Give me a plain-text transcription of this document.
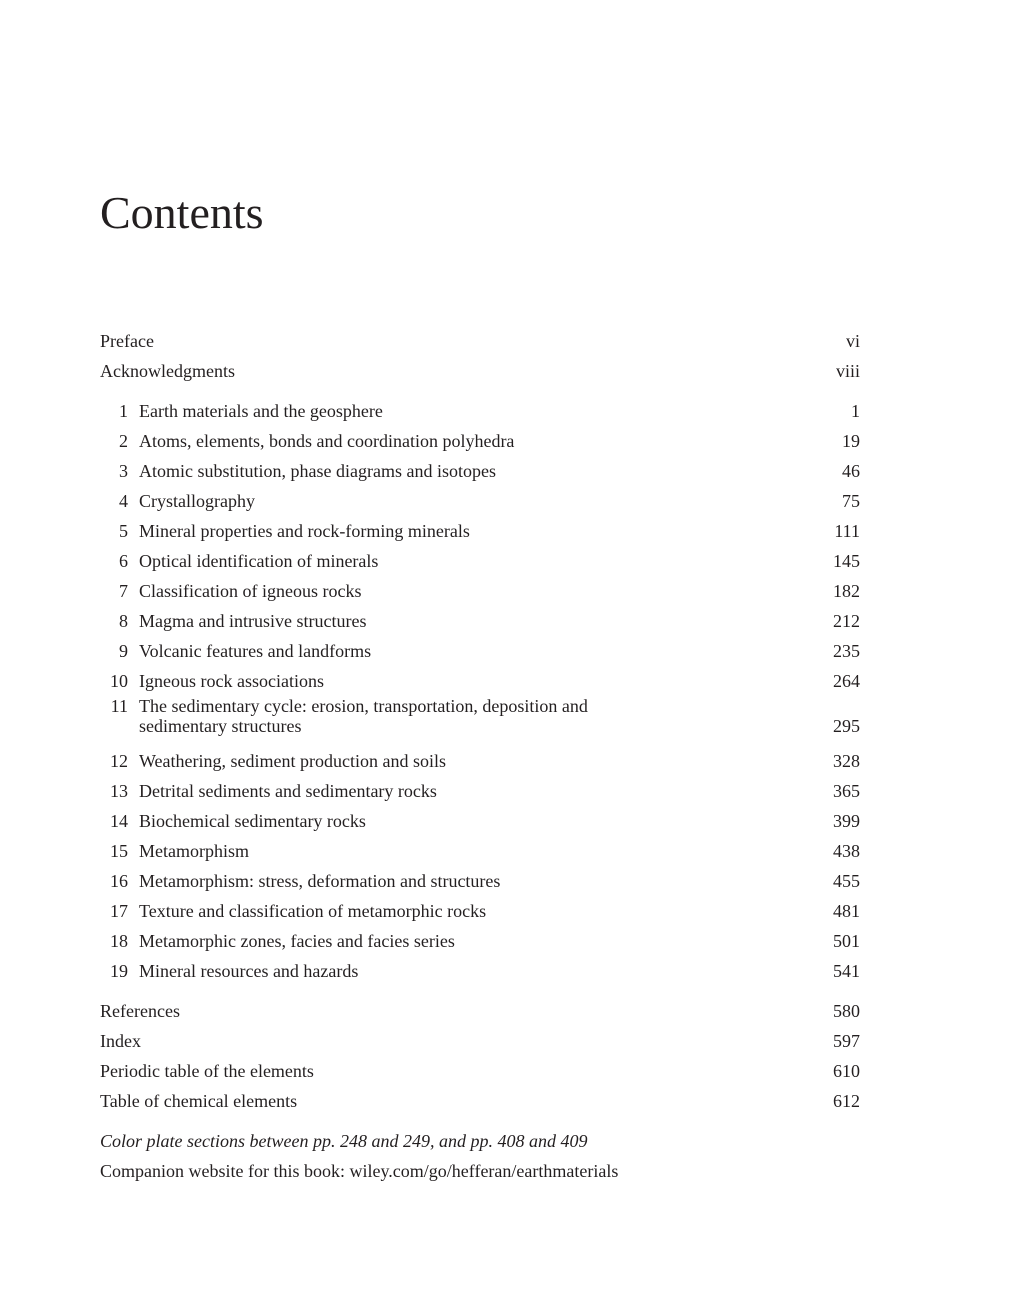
Contents
Preface	vi
Acknowledgments	viii
1 Earth materials and the geosphere	1
2 Atoms, elements, bonds and coordination polyhedra	19
3 Atomic substitution, phase diagrams and isotopes	46
4 Crystallography	75
5 Mineral properties and rock-forming minerals	111
6 Optical identification of minerals	145
7 Classification of igneous rocks	182
8 Magma and intrusive structures	212
9 Volcanic features and landforms	235
10 Igneous rock associations	264
11 The sedimentary cycle: erosion, transportation, deposition and
sedimentary structures	295
12 Weathering, sediment production and soils	328
13 Detrital sediments and sedimentary rocks	365
14 Biochemical sedimentary rocks	399
15 Metamorphism	438
16 Metamorphism: stress, deformation and structures	455
17 Texture and classification of metamorphic rocks	481
18 Metamorphic zones, facies and facies series	501
19 Mineral resources and hazards	541
References	580
Index	597
Periodic table of the elements	610
Table of chemical elements	612
Color plate sections between pp. 248 and 249, and pp. 408 and 409
Companion website for this book: wiley.com/go/hefferan/earthmaterials
